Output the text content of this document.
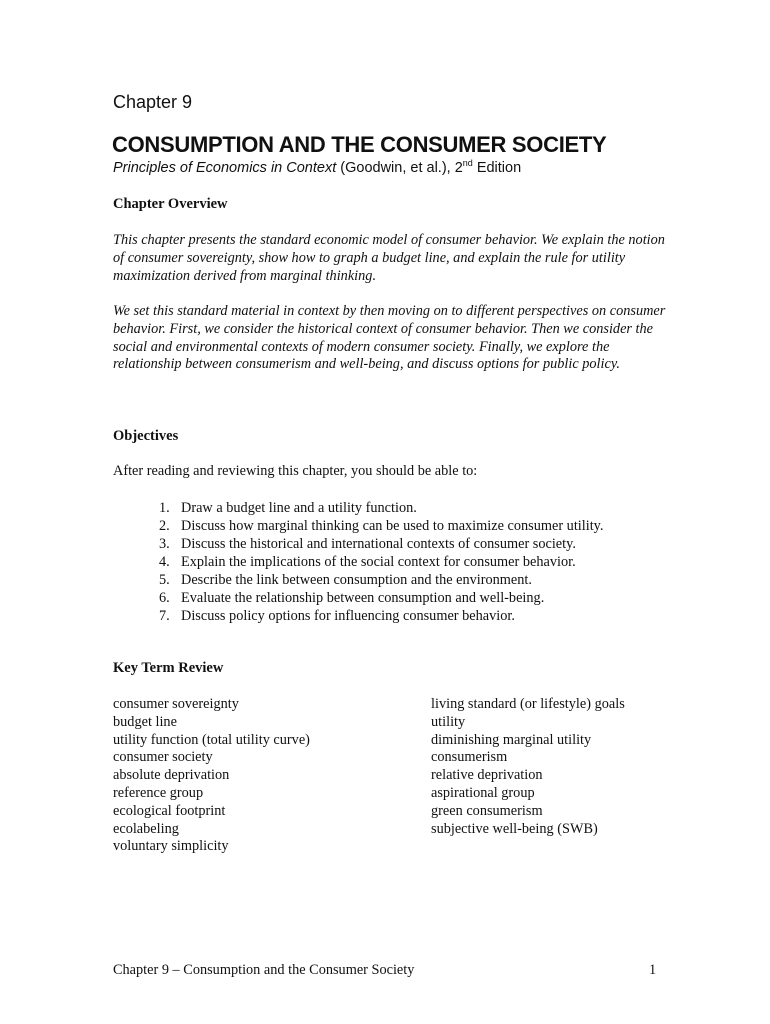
Chapter 9
CONSUMPTION AND THE CONSUMER SOCIETY
Principles of Economics in Context (Goodwin, et al.), 2nd Edition
Chapter Overview
This chapter presents the standard economic model of consumer behavior. We explain the notion of consumer sovereignty, show how to graph a budget line, and explain the rule for utility maximization derived from marginal thinking.
We set this standard material in context by then moving on to different perspectives on consumer behavior. First, we consider the historical context of consumer behavior. Then we consider the social and environmental contexts of modern consumer society. Finally, we explore the relationship between consumerism and well-being, and discuss options for public policy.
Objectives
After reading and reviewing this chapter, you should be able to:
1. Draw a budget line and a utility function.
2. Discuss how marginal thinking can be used to maximize consumer utility.
3. Discuss the historical and international contexts of consumer society.
4. Explain the implications of the social context for consumer behavior.
5. Describe the link between consumption and the environment.
6. Evaluate the relationship between consumption and well-being.
7. Discuss policy options for influencing consumer behavior.
Key Term Review
consumer sovereignty
budget line
utility function (total utility curve)
consumer society
absolute deprivation
reference group
ecological footprint
ecolabeling
voluntary simplicity
living standard (or lifestyle) goals
utility
diminishing marginal utility
consumerism
relative deprivation
aspirational group
green consumerism
subjective well-being (SWB)
Chapter 9 – Consumption and the Consumer Society	1
